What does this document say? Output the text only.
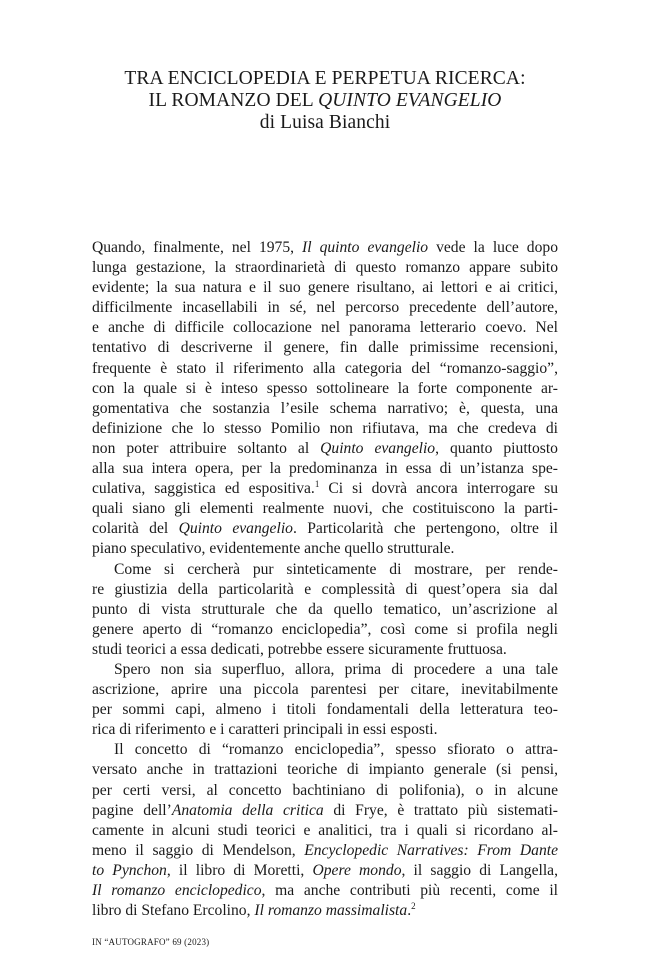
TRA ENCICLOPEDIA E PERPETUA RICERCA:
IL ROMANZO DEL QUINTO EVANGELIO
di Luisa Bianchi
Quando, finalmente, nel 1975, Il quinto evangelio vede la luce dopo
lunga gestazione, la straordinarietà di questo romanzo appare subito
evidente; la sua natura e il suo genere risultano, ai lettori e ai critici,
difficilmente incasellabili in sé, nel percorso precedente dell’autore,
e anche di difficile collocazione nel panorama letterario coevo. Nel
tentativo di descriverne il genere, fin dalle primissime recensioni,
frequente è stato il riferimento alla categoria del “romanzo-saggio”,
con la quale si è inteso spesso sottolineare la forte componente ar-
gomentativa che sostanzia l’esile schema narrativo; è, questa, una
definizione che lo stesso Pomilio non rifiutava, ma che credeva di
non poter attribuire soltanto al Quinto evangelio, quanto piuttosto
alla sua intera opera, per la predominanza in essa di un’istanza spe-
culativa, saggistica ed espositiva.$^1$ Ci si dovrà ancora interrogare su
quali siano gli elementi realmente nuovi, che costituiscono la parti-
colarità del Quinto evangelio. Particolarità che pertengono, oltre il
piano speculativo, evidentemente anche quello strutturale.
Come si cercherà pur sinteticamente di mostrare, per rende-
re giustizia della particolarità e complessità di quest’opera sia dal
punto di vista strutturale che da quello tematico, un’ascrizione al
genere aperto di “romanzo enciclopedia”, così come si profila negli
studi teorici a essa dedicati, potrebbe essere sicuramente fruttuosa.
Spero non sia superfluo, allora, prima di procedere a una tale
ascrizione, aprire una piccola parentesi per citare, inevitabilmente
per sommi capi, almeno i titoli fondamentali della letteratura teo-
rica di riferimento e i caratteri principali in essi esposti.
Il concetto di “romanzo enciclopedia”, spesso sfiorato o attra-
versato anche in trattazioni teoriche di impianto generale (si pensi,
per certi versi, al concetto bachtiniano di polifonia), o in alcune
pagine dell’Anatomia della critica di Frye, è trattato più sistemati-
camente in alcuni studi teorici e analitici, tra i quali si ricordano al-
meno il saggio di Mendelson, Encyclopedic Narratives: From Dante
to Pynchon, il libro di Moretti, Opere mondo, il saggio di Langella,
Il romanzo enciclopedico, ma anche contributi più recenti, come il
libro di Stefano Ercolino, Il romanzo massimalista.$^2$
IN “AUTOGRAFO” 69 (2023)
